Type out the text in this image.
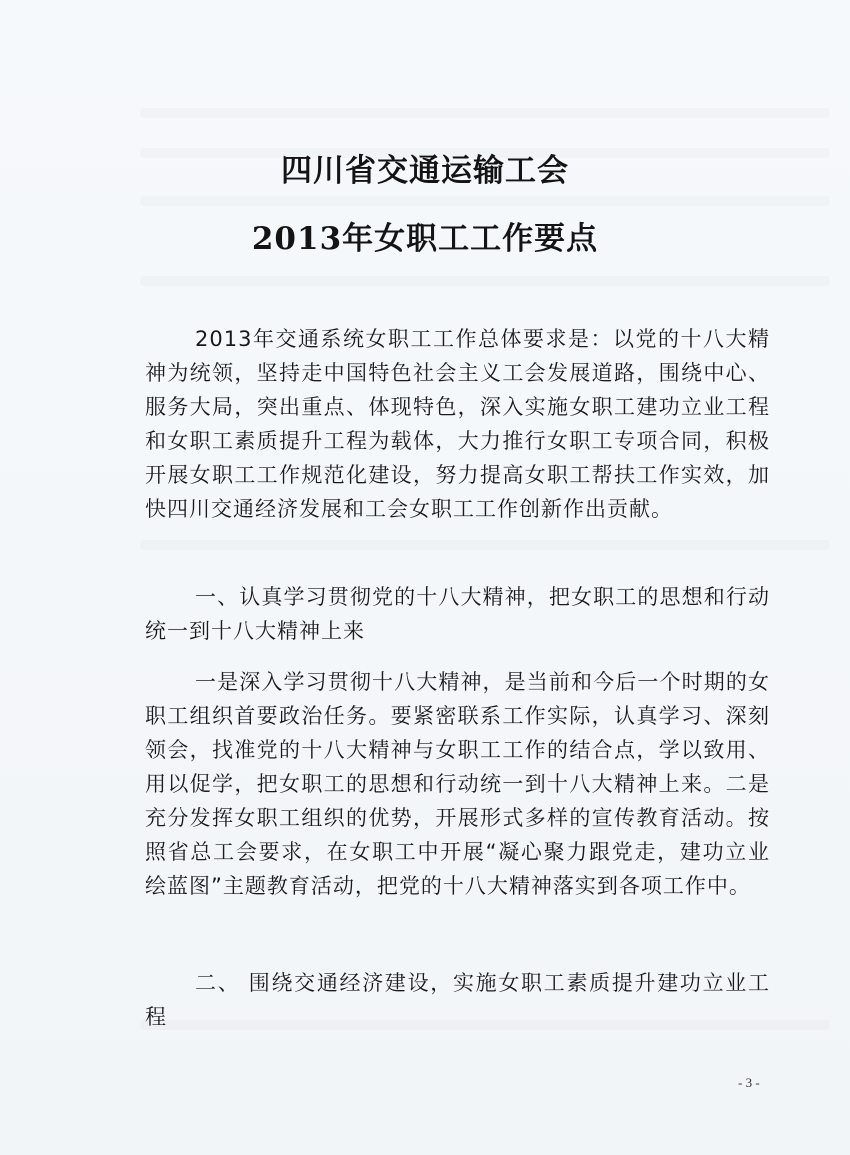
四川省交通运输工会
2013年女职工工作要点
2013年交通系统女职工工作总体要求是：以党的十八大精神为统领，坚持走中国特色社会主义工会发展道路，围绕中心、服务大局，突出重点、体现特色，深入实施女职工建功立业工程和女职工素质提升工程为载体，大力推行女职工专项合同，积极开展女职工工作规范化建设，努力提高女职工帮扶工作实效，加快四川交通经济发展和工会女职工工作创新作出贡献。
一、认真学习贯彻党的十八大精神，把女职工的思想和行动统一到十八大精神上来
一是深入学习贯彻十八大精神，是当前和今后一个时期的女职工组织首要政治任务。要紧密联系工作实际，认真学习、深刻领会，找准党的十八大精神与女职工工作的结合点，学以致用、用以促学，把女职工的思想和行动统一到十八大精神上来。二是充分发挥女职工组织的优势，开展形式多样的宣传教育活动。按照省总工会要求，在女职工中开展“凝心聚力跟党走，建功立业绘蓝图”主题教育活动，把党的十八大精神落实到各项工作中。
二、 围绕交通经济建设，实施女职工素质提升建功立业工程
- 3 -
